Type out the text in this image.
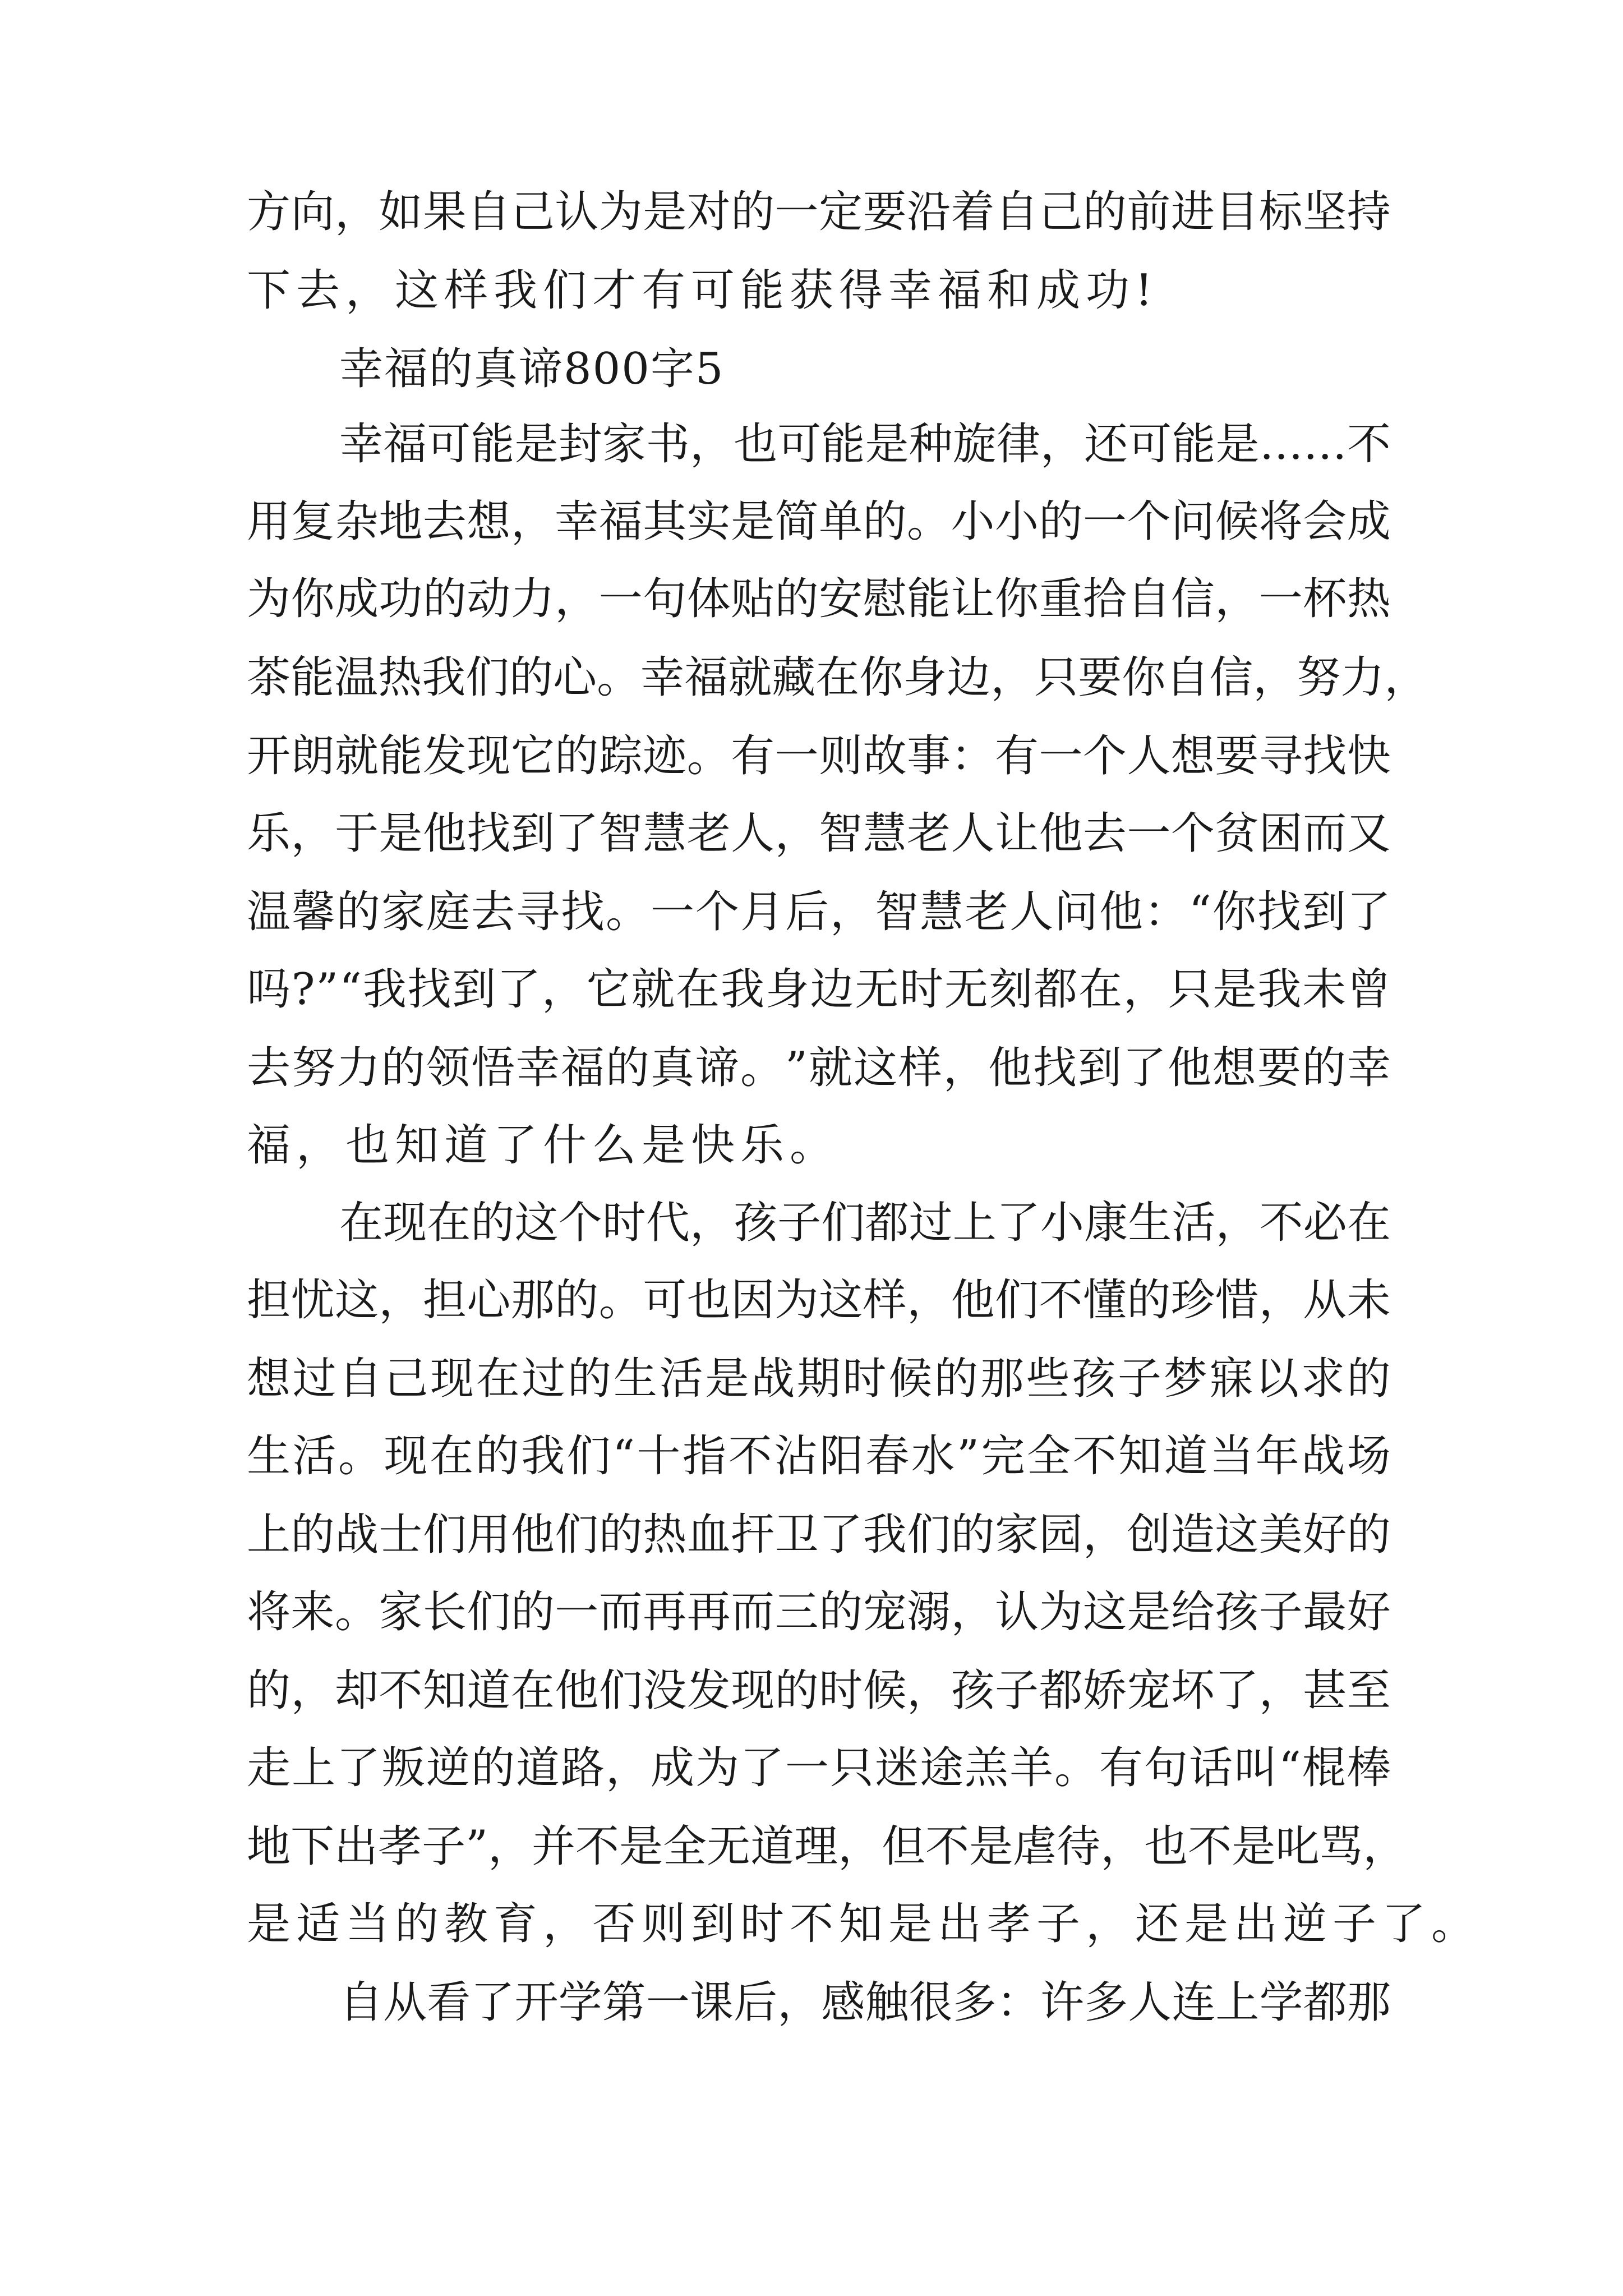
方 向 ， 如 果 自 己 认 为 是 对 的 一 定 要 沿 着 自 己 的 前 进 目 标 坚 持
下去，这样我们才有可能获得幸福和成功!
幸福的真谛800字5
幸 福 可 能 是 封 家 书 ， 也 可 能 是 种 旋 律 ， 还 可 能 是 … … 不
用 复 杂 地 去 想 ， 幸 福 其 实 是 简 单 的 。 小 小 的 一 个 问 候 将 会 成
为 你 成 功 的 动 力 ， 一 句 体 贴 的 安 慰 能 让 你 重 拾 自 信 ， 一 杯 热
茶 能 温 热 我 们 的 心 。 幸 福 就 藏 在 你 身 边 ， 只 要 你 自 信 ， 努 力 ，
开 朗 就 能 发 现 它 的 踪 迹 。 有 一 则 故 事 ： 有 一 个 人 想 要 寻 找 快
乐 ， 于 是 他 找 到 了 智 慧 老 人 ， 智 慧 老 人 让 他 去 一 个 贫 困 而 又
温 馨 的 家 庭 去 寻 找 。 一 个 月 后 ， 智 慧 老 人 问 他 ： “ 你 找 到 了
吗 ? ” “ 我 找 到 了 ， 它 就 在 我 身 边 无 时 无 刻 都 在 ， 只 是 我 未 曾
去 努 力 的 领 悟 幸 福 的 真 谛 。 ” 就 这 样 ， 他 找 到 了 他 想 要 的 幸
福，也知道了什么是快乐。
在 现 在 的 这 个 时 代 ， 孩 子 们 都 过 上 了 小 康 生 活 ， 不 必 在
担 忧 这 ， 担 心 那 的 。 可 也 因 为 这 样 ， 他 们 不 懂 的 珍 惜 ， 从 未
想 过 自 己 现 在 过 的 生 活 是 战 期 时 候 的 那 些 孩 子 梦 寐 以 求 的
生 活 。 现 在 的 我 们 “ 十 指 不 沾 阳 春 水 ” 完 全 不 知 道 当 年 战 场
上 的 战 士 们 用 他 们 的 热 血 扞 卫 了 我 们 的 家 园 ， 创 造 这 美 好 的
将 来 。 家 长 们 的 一 而 再 再 而 三 的 宠 溺 ， 认 为 这 是 给 孩 子 最 好
的 ， 却 不 知 道 在 他 们 没 发 现 的 时 候 ， 孩 子 都 娇 宠 坏 了 ， 甚 至
走 上 了 叛 逆 的 道 路 ， 成 为 了 一 只 迷 途 羔 羊 。 有 句 话 叫 “ 棍 棒
地 下 出 孝 子 ” ， 并 不 是 全 无 道 理 ， 但 不 是 虐 待 ， 也 不 是 叱 骂 ，
是适当的教育，否则到时不知是出孝子，还是出逆子了。
自 从 看 了 开 学 第 一 课 后 ， 感 触 很 多 ： 许 多 人 连 上 学 都 那
